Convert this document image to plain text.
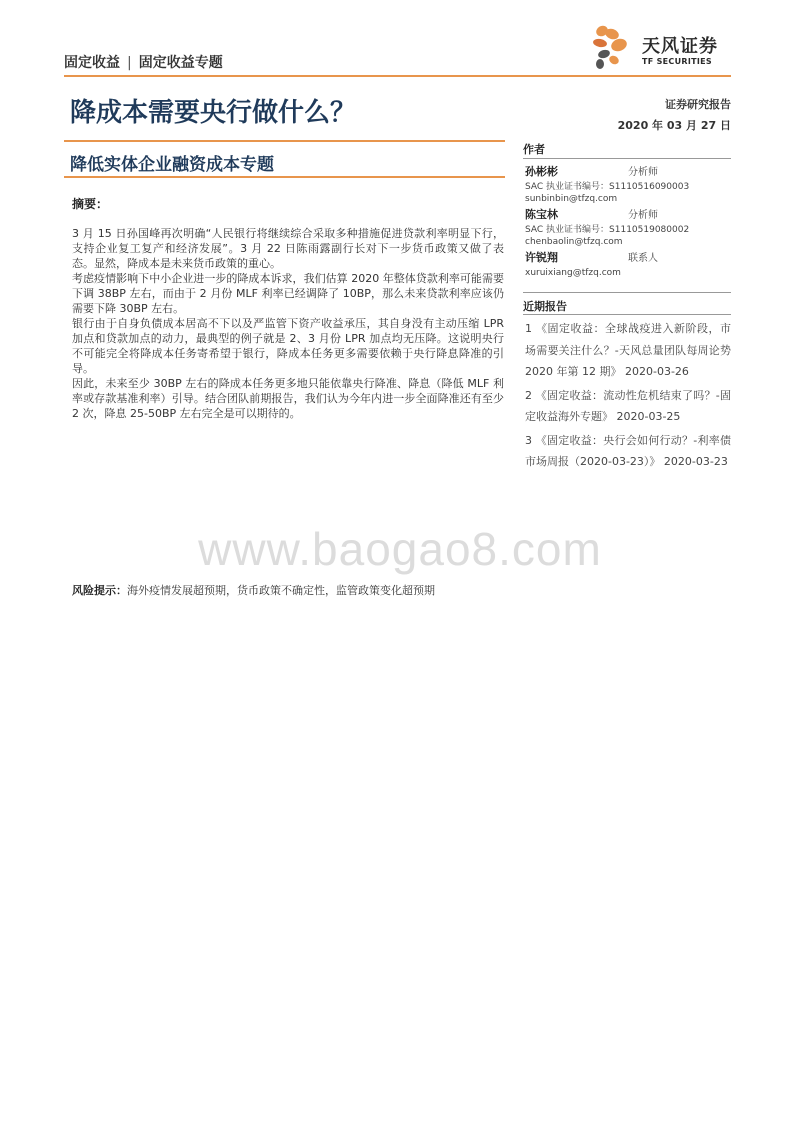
固定收益 | 固定收益专题
天风证券
TF SECURITIES
降成本需要央行做什么？	证券研究报告
2020 年 03 月 27 日
降低实体企业融资成本专题
摘要：

3 月 15 日孙国峰再次明确“人民银行将继续综合采取多种措施促进贷款利率明显下行，支持企业复工复产和经济发展”。3 月 22 日陈雨露副行长对下一步货币政策又做了表态。显然，降成本是未来货币政策的重心。

考虑疫情影响下中小企业进一步的降成本诉求，我们估算 2020 年整体贷款利率可能需要下调 38BP 左右，而由于 2 月份 MLF 利率已经调降了 10BP，那么未来贷款利率应该仍需要下降 30BP 左右。

银行由于自身负债成本居高不下以及严监管下资产收益承压，其自身没有主动压缩 LPR 加点和贷款加点的动力，最典型的例子就是 2、3 月份 LPR 加点均无压降。这说明央行不可能完全将降成本任务寄希望于银行，降成本任务更多需要依赖于央行降息降准的引导。

因此，未来至少 30BP 左右的降成本任务更多地只能依靠央行降准、降息（降低 MLF 利率或存款基准利率）引导。结合团队前期报告，我们认为今年内进一步全面降准还有至少 2 次，降息 25-50BP 左右完全是可以期待的。

风险提示：海外疫情发展超预期，货币政策不确定性，监管政策变化超预期
作者
孙彬彬	分析师
SAC 执业证书编号：S1110516090003
sunbinbin@tfzq.com
陈宝林	分析师
SAC 执业证书编号：S1110519080002
chenbaolin@tfzq.com
许锐翔	联系人
xuruixiang@tfzq.com
近期报告

1 《固定收益：全球战疫进入新阶段，市场需要关注什么？-天风总量团队每周论势 2020 年第 12 期》 2020-03-26

2 《固定收益：流动性危机结束了吗？-固定收益海外专题》 2020-03-25

3 《固定收益：央行会如何行动？-利率债市场周报（2020-03-23）》 2020-03-23

www.baogao8.com
